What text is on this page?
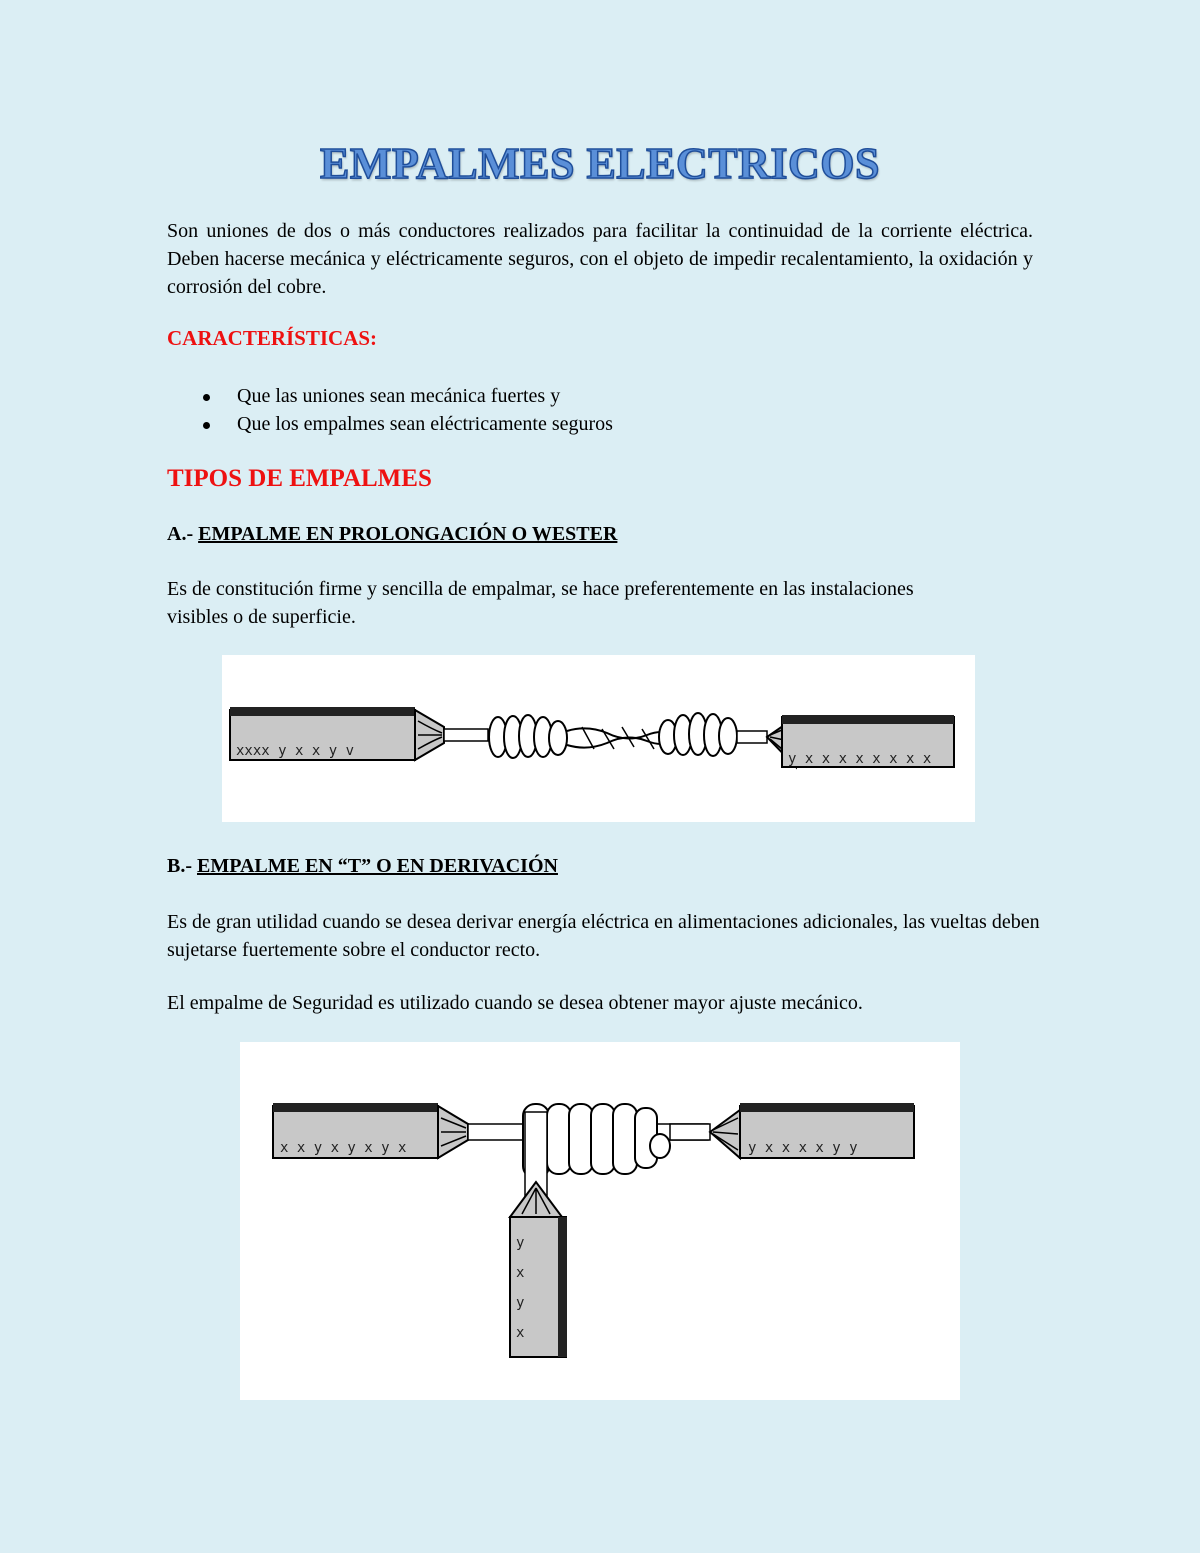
EMPALMES ELECTRICOS

Son uniones de dos o más conductores realizados para facilitar la continuidad de la corriente eléctrica. Deben hacerse mecánica y eléctricamente seguros, con el objeto de impedir recalentamiento, la oxidación y corrosión del cobre.

CARACTERÍSTICAS:

Que las uniones sean mecánica fuertes y
Que los empalmes sean eléctricamente seguros

TIPOS DE EMPALMES

A.- EMPALME EN PROLONGACIÓN O WESTER

Es de constitución firme y sencilla de empalmar, se hace preferentemente en las instalaciones visibles o de superficie.

xxxx y x x y v	y x x x x x x x x

B.- EMPALME EN “T” O EN DERIVACIÓN

Es de gran utilidad cuando se desea derivar energía eléctrica en alimentaciones adicionales, las vueltas deben sujetarse fuertemente sobre el conductor recto.

El empalme de Seguridad es utilizado cuando se desea obtener mayor ajuste mecánico.

x x y x y x y x
y
x
y
x
y x x x x y y
